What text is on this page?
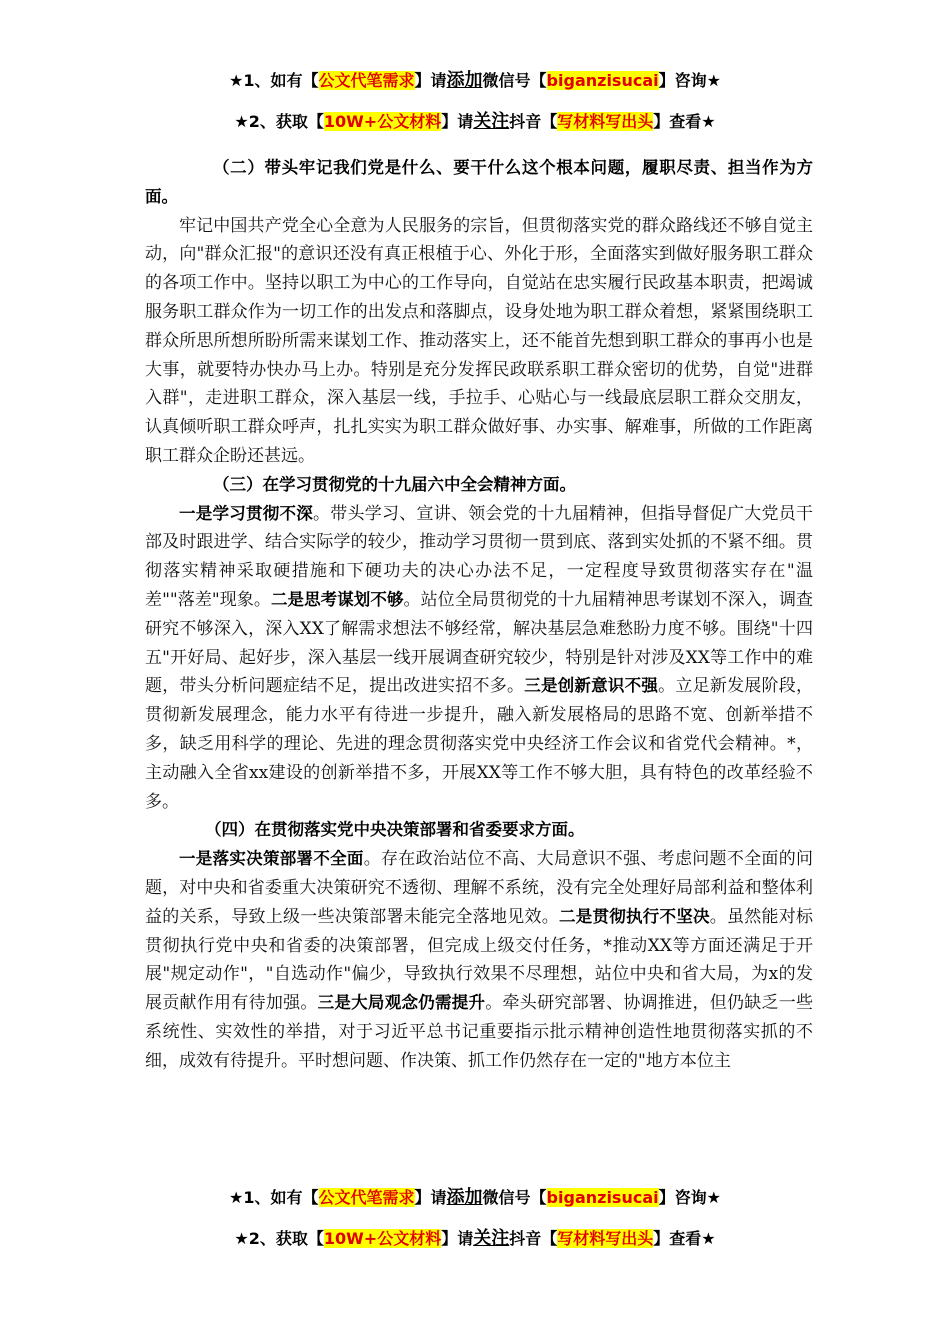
★1、如有【公文代笔需求】请添加微信号【biganzisucai】咨询★
★2、获取【10W+公文材料】请关注抖音【写材料写出头】查看★

（二）带头牢记我们党是什么、要干什么这个根本问题，履职尽责、担当作为方面。

牢记中国共产党全心全意为人民服务的宗旨，但贯彻落实党的群众路线还不够自觉主动，向"群众汇报"的意识还没有真正根植于心、外化于形，全面落实到做好服务职工群众的各项工作中。坚持以职工为中心的工作导向，自觉站在忠实履行民政基本职责，把竭诚服务职工群众作为一切工作的出发点和落脚点，设身处地为职工群众着想，紧紧围绕职工群众所思所想所盼所需来谋划工作、推动落实上，还不能首先想到职工群众的事再小也是大事，就要特办快办马上办。特别是充分发挥民政联系职工群众密切的优势，自觉"进群入群"，走进职工群众，深入基层一线，手拉手、心贴心与一线最底层职工群众交朋友，认真倾听职工群众呼声，扎扎实实为职工群众做好事、办实事、解难事，所做的工作距离职工群众企盼还甚远。

（三）在学习贯彻党的十九届六中全会精神方面。

一是学习贯彻不深。带头学习、宣讲、领会党的十九届精神，但指导督促广大党员干部及时跟进学、结合实际学的较少，推动学习贯彻一贯到底、落到实处抓的不紧不细。贯彻落实精神采取硬措施和下硬功夫的决心办法不足，一定程度导致贯彻落实存在"温差""落差"现象。二是思考谋划不够。站位全局贯彻党的十九届精神思考谋划不深入，调查研究不够深入，深入XX了解需求想法不够经常，解决基层急难愁盼力度不够。围绕"十四五"开好局、起好步，深入基层一线开展调查研究较少，特别是针对涉及XX等工作中的难题，带头分析问题症结不足，提出改进实招不多。三是创新意识不强。立足新发展阶段，贯彻新发展理念，能力水平有待进一步提升，融入新发展格局的思路不宽、创新举措不多，缺乏用科学的理论、先进的理念贯彻落实党中央经济工作会议和省党代会精神。*，主动融入全省xx建设的创新举措不多，开展XX等工作不够大胆，具有特色的改革经验不多。

（四）在贯彻落实党中央决策部署和省委要求方面。

一是落实决策部署不全面。存在政治站位不高、大局意识不强、考虑问题不全面的问题，对中央和省委重大决策研究不透彻、理解不系统，没有完全处理好局部利益和整体利益的关系，导致上级一些决策部署未能完全落地见效。二是贯彻执行不坚决。虽然能对标贯彻执行党中央和省委的决策部署，但完成上级交付任务，*推动XX等方面还满足于开展"规定动作"，"自选动作"偏少，导致执行效果不尽理想，站位中央和省大局，为x的发展贡献作用有待加强。三是大局观念仍需提升。牵头研究部署、协调推进，但仍缺乏一些系统性、实效性的举措，对于习近平总书记重要指示批示精神创造性地贯彻落实抓的不细，成效有待提升。平时想问题、作决策、抓工作仍然存在一定的"地方本位主

★1、如有【公文代笔需求】请添加微信号【biganzisucai】咨询★
★2、获取【10W+公文材料】请关注抖音【写材料写出头】查看★
